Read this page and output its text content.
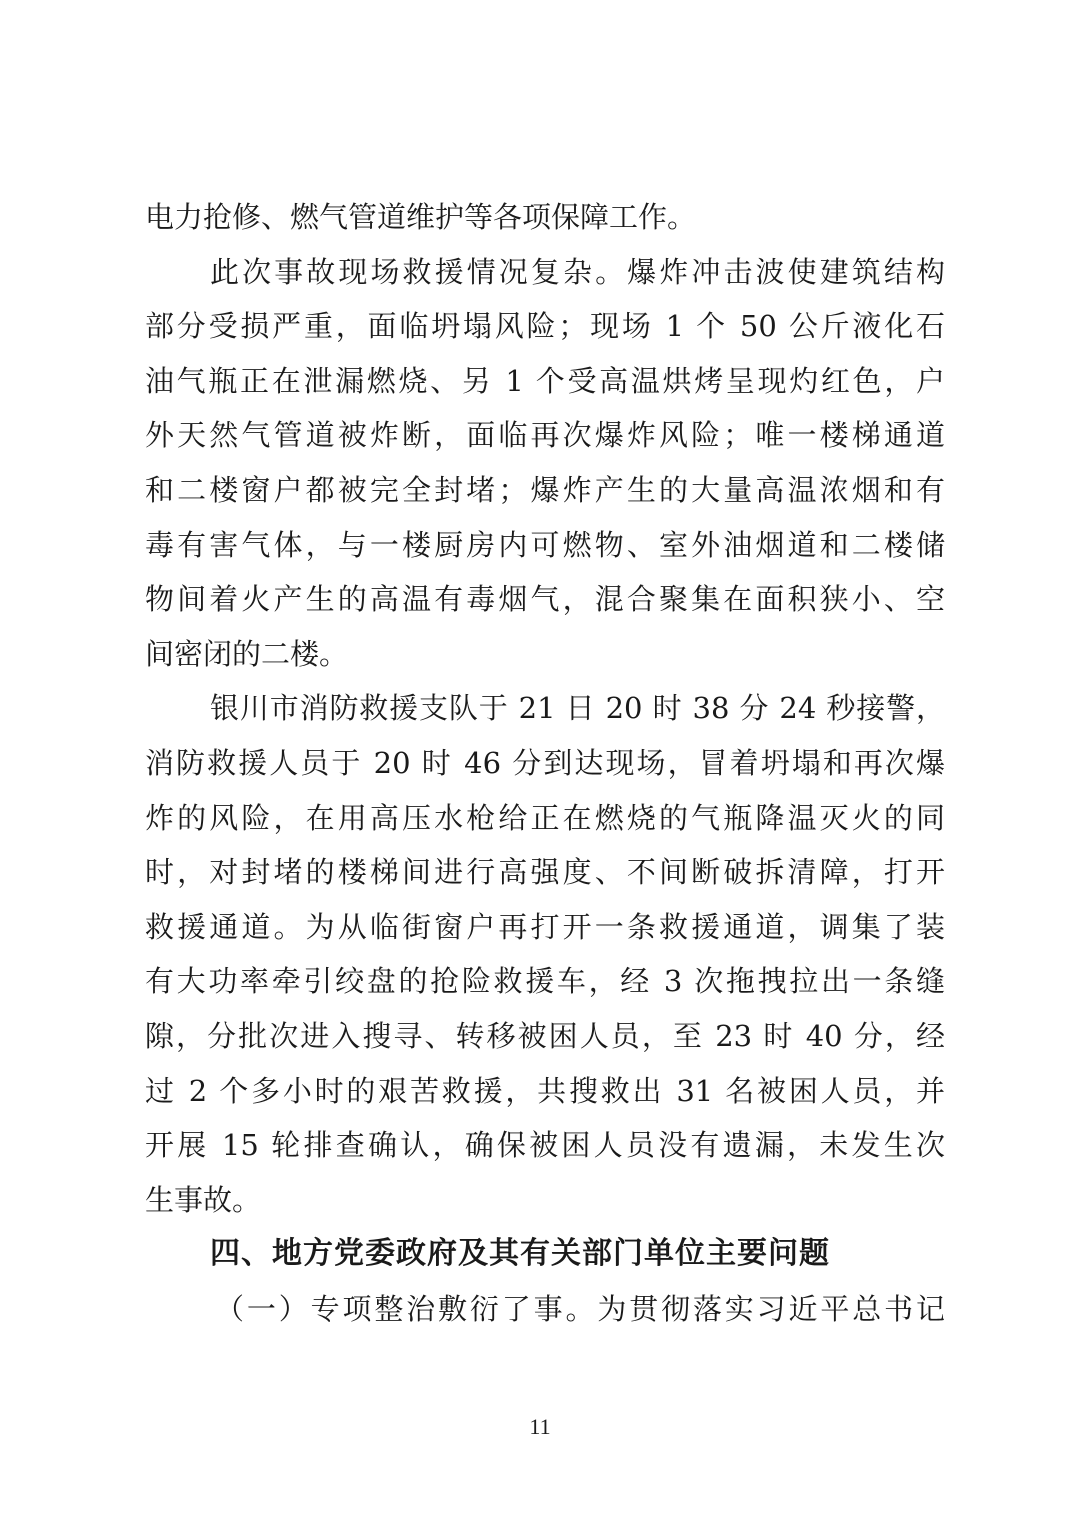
电力抢修、燃气管道维护等各项保障工作。
此次事故现场救援情况复杂。爆炸冲击波使建筑结构
部分受损严重，面临坍塌风险；现场 1 个 50 公斤液化石
油气瓶正在泄漏燃烧、另 1 个受高温烘烤呈现灼红色，户
外天然气管道被炸断，面临再次爆炸风险；唯一楼梯通道
和二楼窗户都被完全封堵；爆炸产生的大量高温浓烟和有
毒有害气体，与一楼厨房内可燃物、室外油烟道和二楼储
物间着火产生的高温有毒烟气，混合聚集在面积狭小、空
间密闭的二楼。
银川市消防救援支队于 21 日 20 时 38 分 24 秒接警，
消防救援人员于 20 时 46 分到达现场，冒着坍塌和再次爆
炸的风险，在用高压水枪给正在燃烧的气瓶降温灭火的同
时，对封堵的楼梯间进行高强度、不间断破拆清障，打开
救援通道。为从临街窗户再打开一条救援通道，调集了装
有大功率牵引绞盘的抢险救援车，经 3 次拖拽拉出一条缝
隙，分批次进入搜寻、转移被困人员，至 23 时 40 分，经
过 2 个多小时的艰苦救援，共搜救出 31 名被困人员，并
开展 15 轮排查确认，确保被困人员没有遗漏，未发生次
生事故。
四、地方党委政府及其有关部门单位主要问题
（一）专项整治敷衍了事。为贯彻落实习近平总书记
11
